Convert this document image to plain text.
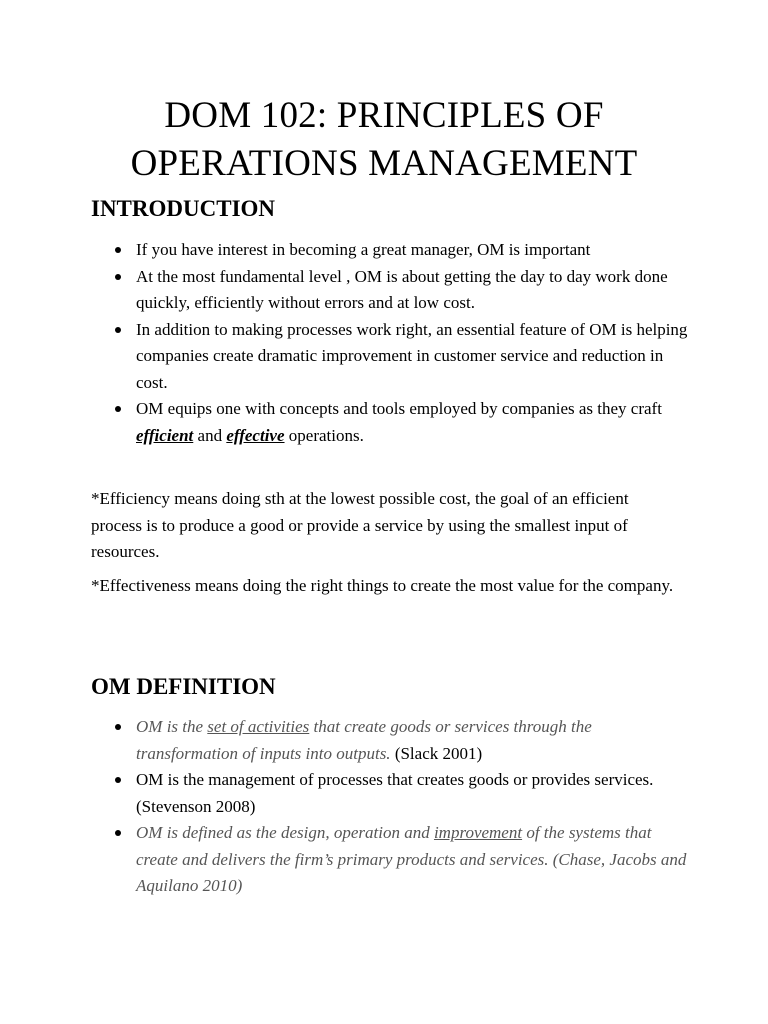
DOM 102: PRINCIPLES OF
OPERATIONS MANAGEMENT
INTRODUCTION
If you have interest in becoming a great manager, OM is important
At the most fundamental level , OM is about getting the day to day work done quickly, efficiently without errors and at low cost.
In addition to making processes work right, an essential feature of OM is helping companies create dramatic improvement in customer service and reduction in cost.
OM equips one with concepts and tools employed by companies as they craft efficient and effective operations.

*Efficiency means doing sth at the lowest possible cost, the goal of an efficient process is to produce a good or provide a service by using the smallest input of resources.

*Effectiveness means doing the right things to create the most value for the company.

OM DEFINITION
OM is the set of activities that create goods or services through the transformation of inputs into outputs. (Slack 2001)
OM is the management of processes that creates goods or provides services. (Stevenson 2008)
OM is defined as the design, operation and improvement of the systems that create and delivers the firm’s primary products and services. (Chase, Jacobs and Aquilano 2010)
